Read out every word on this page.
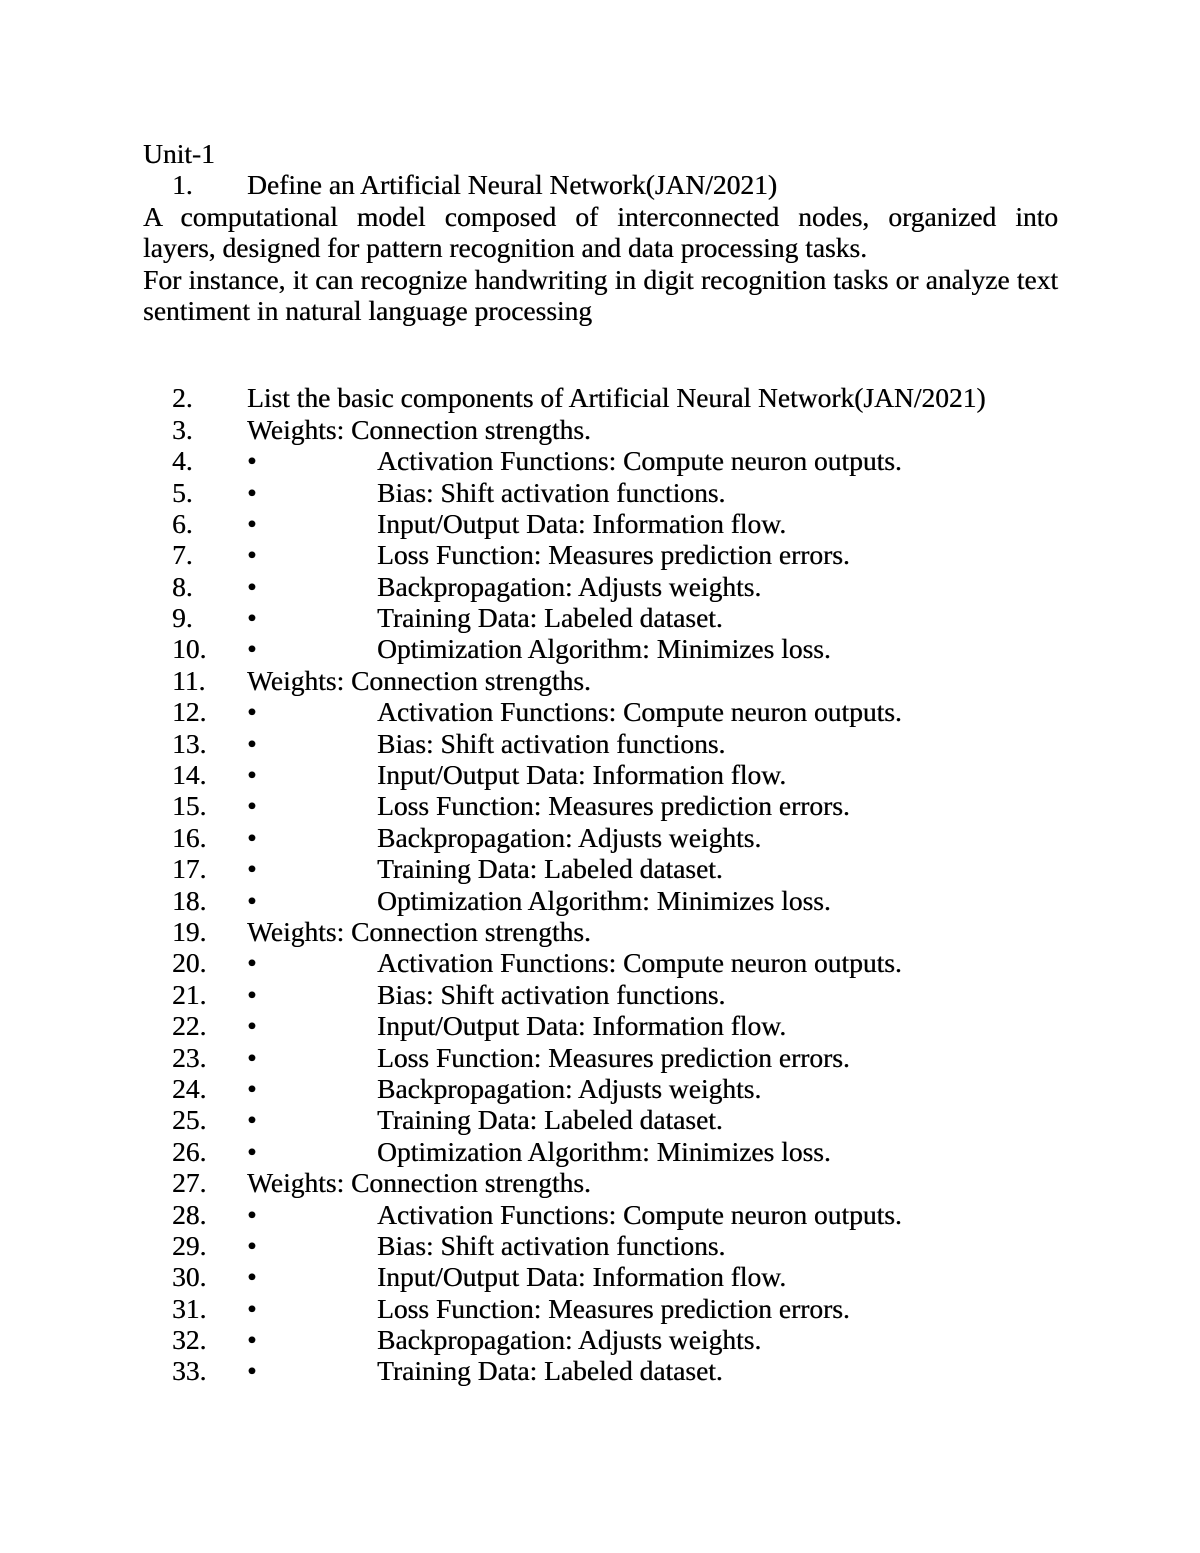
Unit-1
1.	Define an Artificial Neural Network(JAN/2021)
A computational model composed of interconnected nodes, organized into
layers, designed for pattern recognition and data processing tasks.
For instance, it can recognize handwriting in digit recognition tasks or analyze text
sentiment in natural language processing
2.	List the basic components of Artificial Neural Network(JAN/2021)
3.	Weights: Connection strengths.
4.	•	Activation Functions: Compute neuron outputs.
5.	•	Bias: Shift activation functions.
6.	•	Input/Output Data: Information flow.
7.	•	Loss Function: Measures prediction errors.
8.	•	Backpropagation: Adjusts weights.
9.	•	Training Data: Labeled dataset.
10.	•	Optimization Algorithm: Minimizes loss.
11.	Weights: Connection strengths.
12.	•	Activation Functions: Compute neuron outputs.
13.	•	Bias: Shift activation functions.
14.	•	Input/Output Data: Information flow.
15.	•	Loss Function: Measures prediction errors.
16.	•	Backpropagation: Adjusts weights.
17.	•	Training Data: Labeled dataset.
18.	•	Optimization Algorithm: Minimizes loss.
19.	Weights: Connection strengths.
20.	•	Activation Functions: Compute neuron outputs.
21.	•	Bias: Shift activation functions.
22.	•	Input/Output Data: Information flow.
23.	•	Loss Function: Measures prediction errors.
24.	•	Backpropagation: Adjusts weights.
25.	•	Training Data: Labeled dataset.
26.	•	Optimization Algorithm: Minimizes loss.
27.	Weights: Connection strengths.
28.	•	Activation Functions: Compute neuron outputs.
29.	•	Bias: Shift activation functions.
30.	•	Input/Output Data: Information flow.
31.	•	Loss Function: Measures prediction errors.
32.	•	Backpropagation: Adjusts weights.
33.	•	Training Data: Labeled dataset.
